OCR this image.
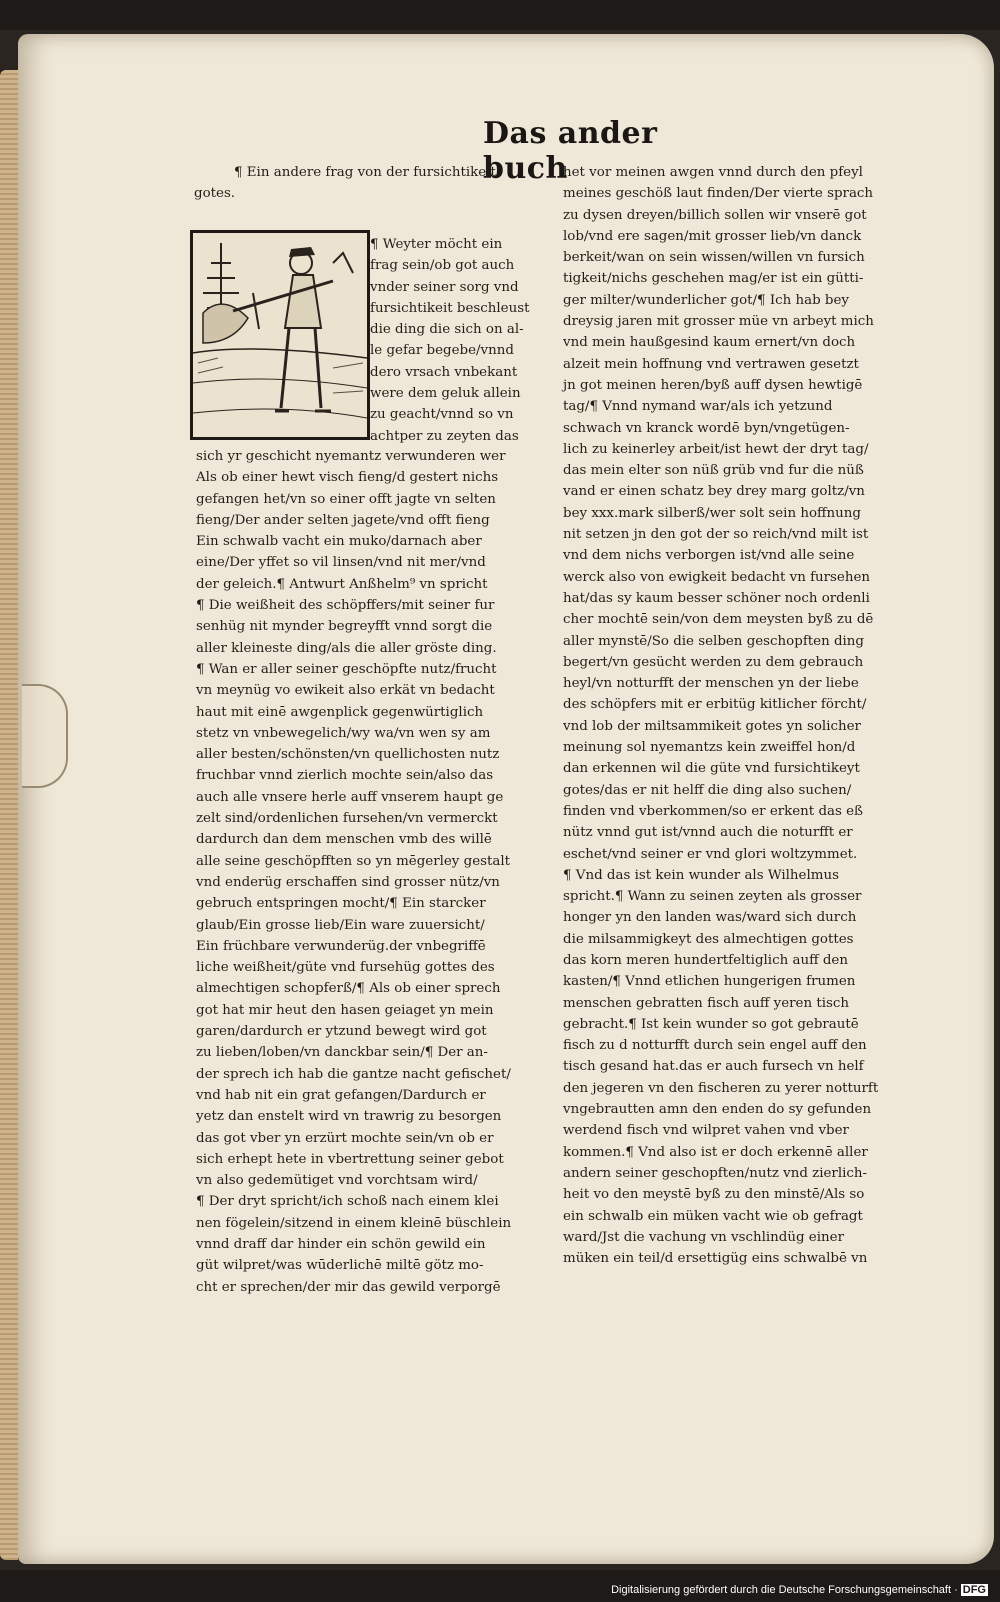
Das ander buch
¶ Ein andere frag von der fursichtikeit
gotes.
¶ Weyter möcht ein
frag sein/ob got auch
vnder seiner sorg vnd
fursichtikeit beschleust
die ding die sich on al-
le gefar begebe/vnnd
dero vrsach vnbekant
were dem geluk allein
zu geacht/vnnd so vn
achtper zu zeyten das
sich yr geschicht nyemantz verwunderen wer
Als ob einer hewt visch fieng/d gestert nichs
gefangen het/vn so einer offt jagte vn selten
fieng/Der ander selten jagete/vnd offt fieng
Ein schwalb vacht ein muko/darnach aber
eine/Der yffet so vil linsen/vnd nit mer/vnd
der geleich.¶ Antwurt Anßhelm⁹ vn spricht
¶ Die weißheit des schöpffers/mit seiner fur
senhüg nit mynder begreyfft vnnd sorgt die
aller kleineste ding/als die aller gröste ding.
¶ Wan er aller seiner geschöpfte nutz/frucht
vn meynüg vo ewikeit also erkät vn bedacht
haut mit einē awgenplick gegenwürtiglich
stetz vn vnbewegelich/wy wa/vn wen sy am
aller besten/schönsten/vn quellichosten nutz
fruchbar vnnd zierlich mochte sein/also das
auch alle vnsere herle auff vnserem haupt ge
zelt sind/ordenlichen fursehen/vn vermerckt
dardurch dan dem menschen vmb des willē
alle seine geschöpfften so yn mēgerley gestalt
vnd enderüg erschaffen sind grosser nütz/vn
gebruch entspringen mocht/¶ Ein starcker
glaub/Ein grosse lieb/Ein ware zuuersicht/
Ein früchbare verwunderüg.der vnbegriffē
liche weißheit/güte vnd fursehüg gottes des
almechtigen schopferß/¶ Als ob einer sprech
got hat mir heut den hasen geiaget yn mein
garen/dardurch er ytzund bewegt wird got
zu lieben/loben/vn danckbar sein/¶ Der an-
der sprech ich hab die gantze nacht gefischet/
vnd hab nit ein grat gefangen/Dardurch er
yetz dan enstelt wird vn trawrig zu besorgen
das got vber yn erzürt mochte sein/vn ob er
sich erhept hete in vbertrettung seiner gebot
vn also gedemütiget vnd vorchtsam wird/
¶ Der dryt spricht/ich schoß nach einem klei
nen fögelein/sitzend in einem kleinē büschlein
vnnd draff dar hinder ein schön gewild ein
güt wilpret/was wūderlichē miltē götz mo-
cht er sprechen/der mir das gewild verporgē
het vor meinen awgen vnnd durch den pfeyl
meines geschöß laut finden/Der vierte sprach
zu dysen dreyen/billich sollen wir vnserē got
lob/vnd ere sagen/mit grosser lieb/vn danck
berkeit/wan on sein wissen/willen vn fursich
tigkeit/nichs geschehen mag/er ist ein gütti-
ger milter/wunderlicher got/¶ Ich hab bey
dreysig jaren mit grosser müe vn arbeyt mich
vnd mein haußgesind kaum ernert/vn doch
alzeit mein hoffnung vnd vertrawen gesetzt
jn got meinen heren/byß auff dysen hewtigē
tag/¶ Vnnd nymand war/als ich yetzund
schwach vn kranck wordē byn/vngetügen-
lich zu keinerley arbeit/ist hewt der dryt tag/
das mein elter son nüß grüb vnd fur die nüß
vand er einen schatz bey drey marg goltz/vn
bey xxx.mark silberß/wer solt sein hoffnung
nit setzen jn den got der so reich/vnd milt ist
vnd dem nichs verborgen ist/vnd alle seine
werck also von ewigkeit bedacht vn fursehen
hat/das sy kaum besser schöner noch ordenli
cher mochtē sein/von dem meysten byß zu dē
aller mynstē/So die selben geschopften ding
begert/vn gesücht werden zu dem gebrauch
heyl/vn notturfft der menschen yn der liebe
des schöpfers mit er erbitüg kitlicher förcht/
vnd lob der miltsammikeit gotes yn solicher
meinung sol nyemantzs kein zweiffel hon/d
dan erkennen wil die güte vnd fursichtikeyt
gotes/das er nit helff die ding also suchen/
finden vnd vberkommen/so er erkent das eß
nütz vnnd gut ist/vnnd auch die noturfft er
eschet/vnd seiner er vnd glori woltzymmet.
¶ Vnd das ist kein wunder als Wilhelmus
spricht.¶ Wann zu seinen zeyten als grosser
honger yn den landen was/ward sich durch
die milsammigkeyt des almechtigen gottes
das korn meren hundertfeltiglich auff den
kasten/¶ Vnnd etlichen hungerigen frumen
menschen gebratten fisch auff yeren tisch
gebracht.¶ Ist kein wunder so got gebrautē
fisch zu d notturfft durch sein engel auff den
tisch gesand hat.das er auch fursech vn helf
den jegeren vn den fischeren zu yerer notturft
vngebrautten amn den enden do sy gefunden
werdend fisch vnd wilpret vahen vnd vber
kommen.¶ Vnd also ist er doch erkennē aller
andern seiner geschopften/nutz vnd zierlich-
heit vo den meystē byß zu den minstē/Als so
ein schwalb ein müken vacht wie ob gefragt
ward/Jst die vachung vn vschlindüg einer
müken ein teil/d ersettigüg eins schwalbē vn
Digitalisierung gefördert durch die Deutsche Forschungsgemeinschaft · DFG
